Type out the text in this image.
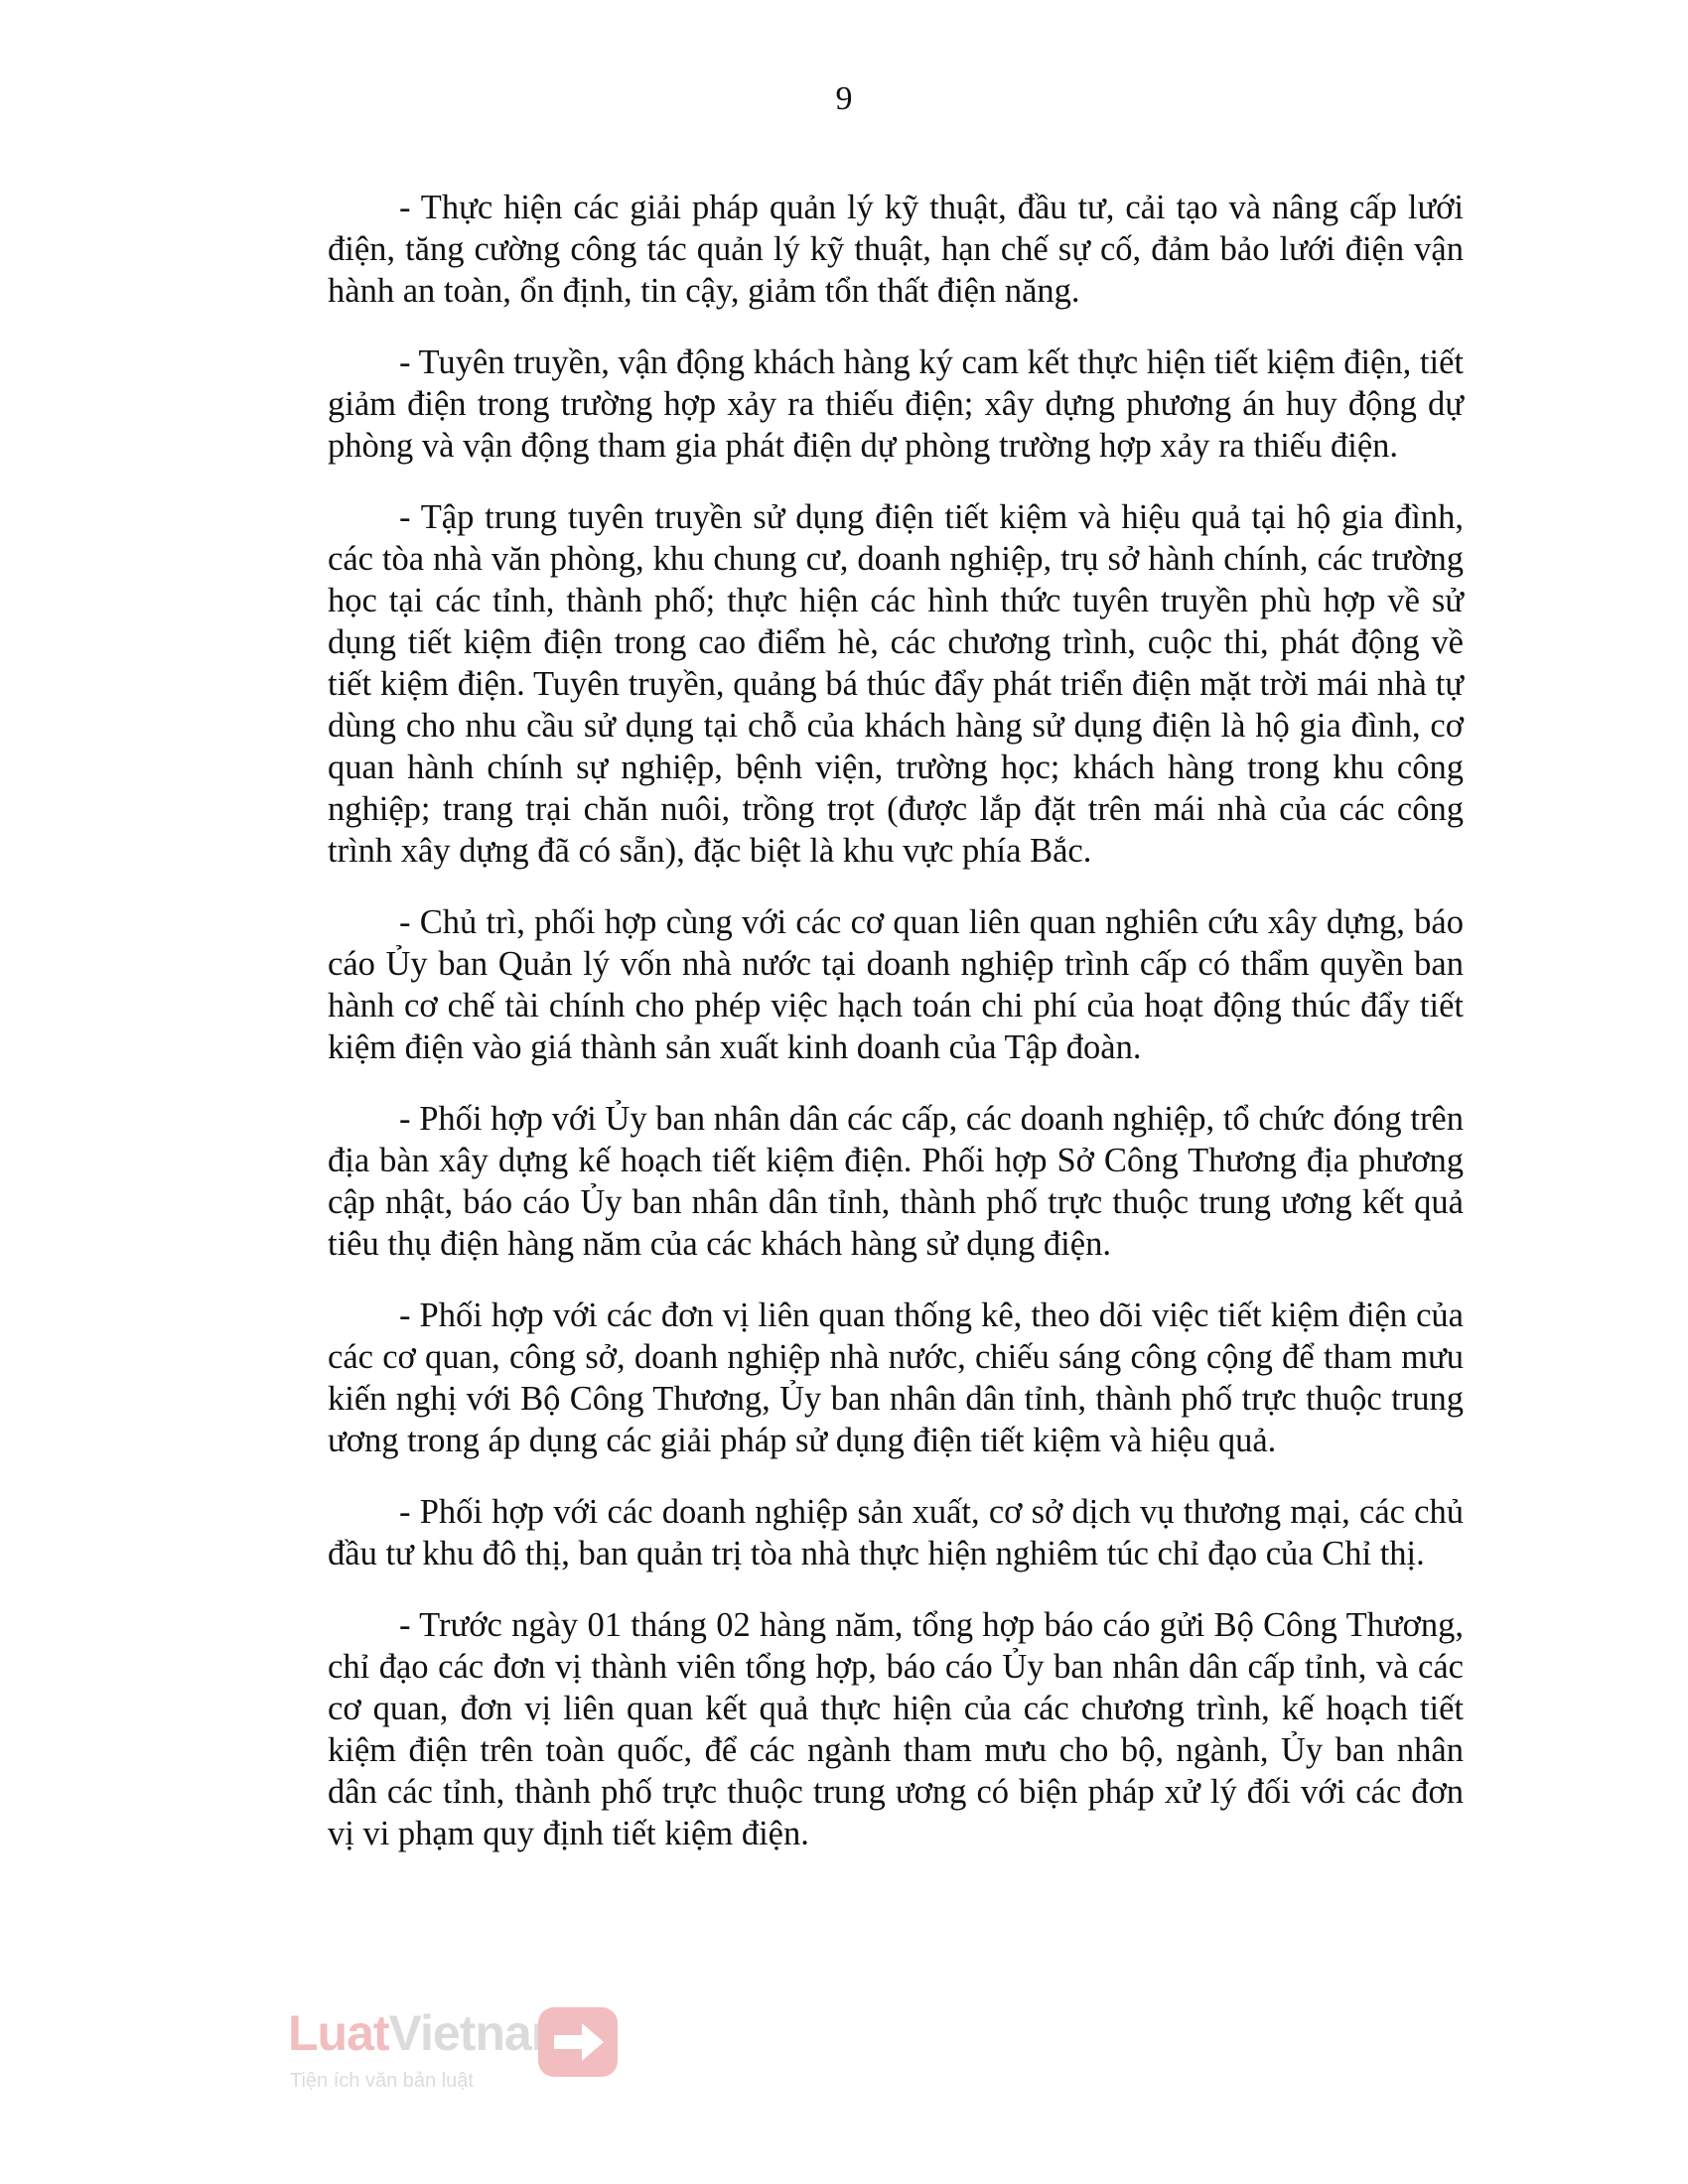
9

- Thực hiện các giải pháp quản lý kỹ thuật, đầu tư, cải tạo và nâng cấp lưới điện, tăng cường công tác quản lý kỹ thuật, hạn chế sự cố, đảm bảo lưới điện vận hành an toàn, ổn định, tin cậy, giảm tổn thất điện năng.

- Tuyên truyền, vận động khách hàng ký cam kết thực hiện tiết kiệm điện, tiết giảm điện trong trường hợp xảy ra thiếu điện; xây dựng phương án huy động dự phòng và vận động tham gia phát điện dự phòng trường hợp xảy ra thiếu điện.

- Tập trung tuyên truyền sử dụng điện tiết kiệm và hiệu quả tại hộ gia đình, các tòa nhà văn phòng, khu chung cư, doanh nghiệp, trụ sở hành chính, các trường học tại các tỉnh, thành phố; thực hiện các hình thức tuyên truyền phù hợp về sử dụng tiết kiệm điện trong cao điểm hè, các chương trình, cuộc thi, phát động về tiết kiệm điện. Tuyên truyền, quảng bá thúc đẩy phát triển điện mặt trời mái nhà tự dùng cho nhu cầu sử dụng tại chỗ của khách hàng sử dụng điện là hộ gia đình, cơ quan hành chính sự nghiệp, bệnh viện, trường học; khách hàng trong khu công nghiệp; trang trại chăn nuôi, trồng trọt (được lắp đặt trên mái nhà của các công trình xây dựng đã có sẵn), đặc biệt là khu vực phía Bắc.

- Chủ trì, phối hợp cùng với các cơ quan liên quan nghiên cứu xây dựng, báo cáo Ủy ban Quản lý vốn nhà nước tại doanh nghiệp trình cấp có thẩm quyền ban hành cơ chế tài chính cho phép việc hạch toán chi phí của hoạt động thúc đẩy tiết kiệm điện vào giá thành sản xuất kinh doanh của Tập đoàn.

- Phối hợp với Ủy ban nhân dân các cấp, các doanh nghiệp, tổ chức đóng trên địa bàn xây dựng kế hoạch tiết kiệm điện. Phối hợp Sở Công Thương địa phương cập nhật, báo cáo Ủy ban nhân dân tỉnh, thành phố trực thuộc trung ương kết quả tiêu thụ điện hàng năm của các khách hàng sử dụng điện.

- Phối hợp với các đơn vị liên quan thống kê, theo dõi việc tiết kiệm điện của các cơ quan, công sở, doanh nghiệp nhà nước, chiếu sáng công cộng để tham mưu kiến nghị với Bộ Công Thương, Ủy ban nhân dân tỉnh, thành phố trực thuộc trung ương trong áp dụng các giải pháp sử dụng điện tiết kiệm và hiệu quả.

- Phối hợp với các doanh nghiệp sản xuất, cơ sở dịch vụ thương mại, các chủ đầu tư khu đô thị, ban quản trị tòa nhà thực hiện nghiêm túc chỉ đạo của Chỉ thị.

- Trước ngày 01 tháng 02 hàng năm, tổng hợp báo cáo gửi Bộ Công Thương, chỉ đạo các đơn vị thành viên tổng hợp, báo cáo Ủy ban nhân dân cấp tỉnh, và các cơ quan, đơn vị liên quan kết quả thực hiện của các chương trình, kế hoạch tiết kiệm điện trên toàn quốc, để các ngành tham mưu cho bộ, ngành, Ủy ban nhân dân các tỉnh, thành phố trực thuộc trung ương có biện pháp xử lý đối với các đơn vị vi phạm quy định tiết kiệm điện.

LuatVietnam
Tiện ích văn bản luật
